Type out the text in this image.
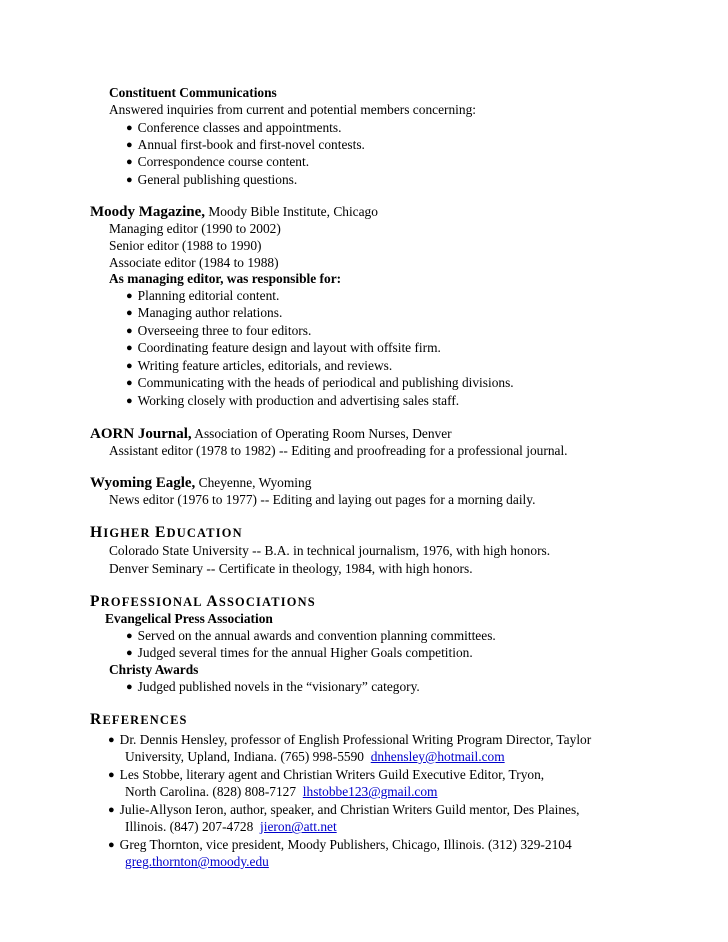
Constituent Communications
Answered inquiries from current and potential members concerning:
● Conference classes and appointments.
● Annual first-book and first-novel contests.
● Correspondence course content.
● General publishing questions.
Moody Magazine, Moody Bible Institute, Chicago
Managing editor (1990 to 2002)
Senior editor (1988 to 1990)
Associate editor (1984 to 1988)
As managing editor, was responsible for:
● Planning editorial content.
● Managing author relations.
● Overseeing three to four editors.
● Coordinating feature design and layout with offsite firm.
● Writing feature articles, editorials, and reviews.
● Communicating with the heads of periodical and publishing divisions.
● Working closely with production and advertising sales staff.
AORN Journal, Association of Operating Room Nurses, Denver
Assistant editor (1978 to 1982) -- Editing and proofreading for a professional journal.
Wyoming Eagle, Cheyenne, Wyoming
News editor (1976 to 1977) -- Editing and laying out pages for a morning daily.
HIGHER EDUCATION
Colorado State University -- B.A. in technical journalism, 1976, with high honors.
Denver Seminary -- Certificate in theology, 1984, with high honors.
PROFESSIONAL ASSOCIATIONS
Evangelical Press Association
● Served on the annual awards and convention planning committees.
● Judged several times for the annual Higher Goals competition.
Christy Awards
● Judged published novels in the “visionary” category.
REFERENCES
● Dr. Dennis Hensley, professor of English Professional Writing Program Director, Taylor
University, Upland, Indiana. (765) 998-5590 dnhensley@hotmail.com
● Les Stobbe, literary agent and Christian Writers Guild Executive Editor, Tryon,
North Carolina. (828) 808-7127 lhstobbe123@gmail.com
● Julie-Allyson Ieron, author, speaker, and Christian Writers Guild mentor, Des Plaines,
Illinois. (847) 207-4728 jieron@att.net
● Greg Thornton, vice president, Moody Publishers, Chicago, Illinois. (312) 329-2104
greg.thornton@moody.edu
